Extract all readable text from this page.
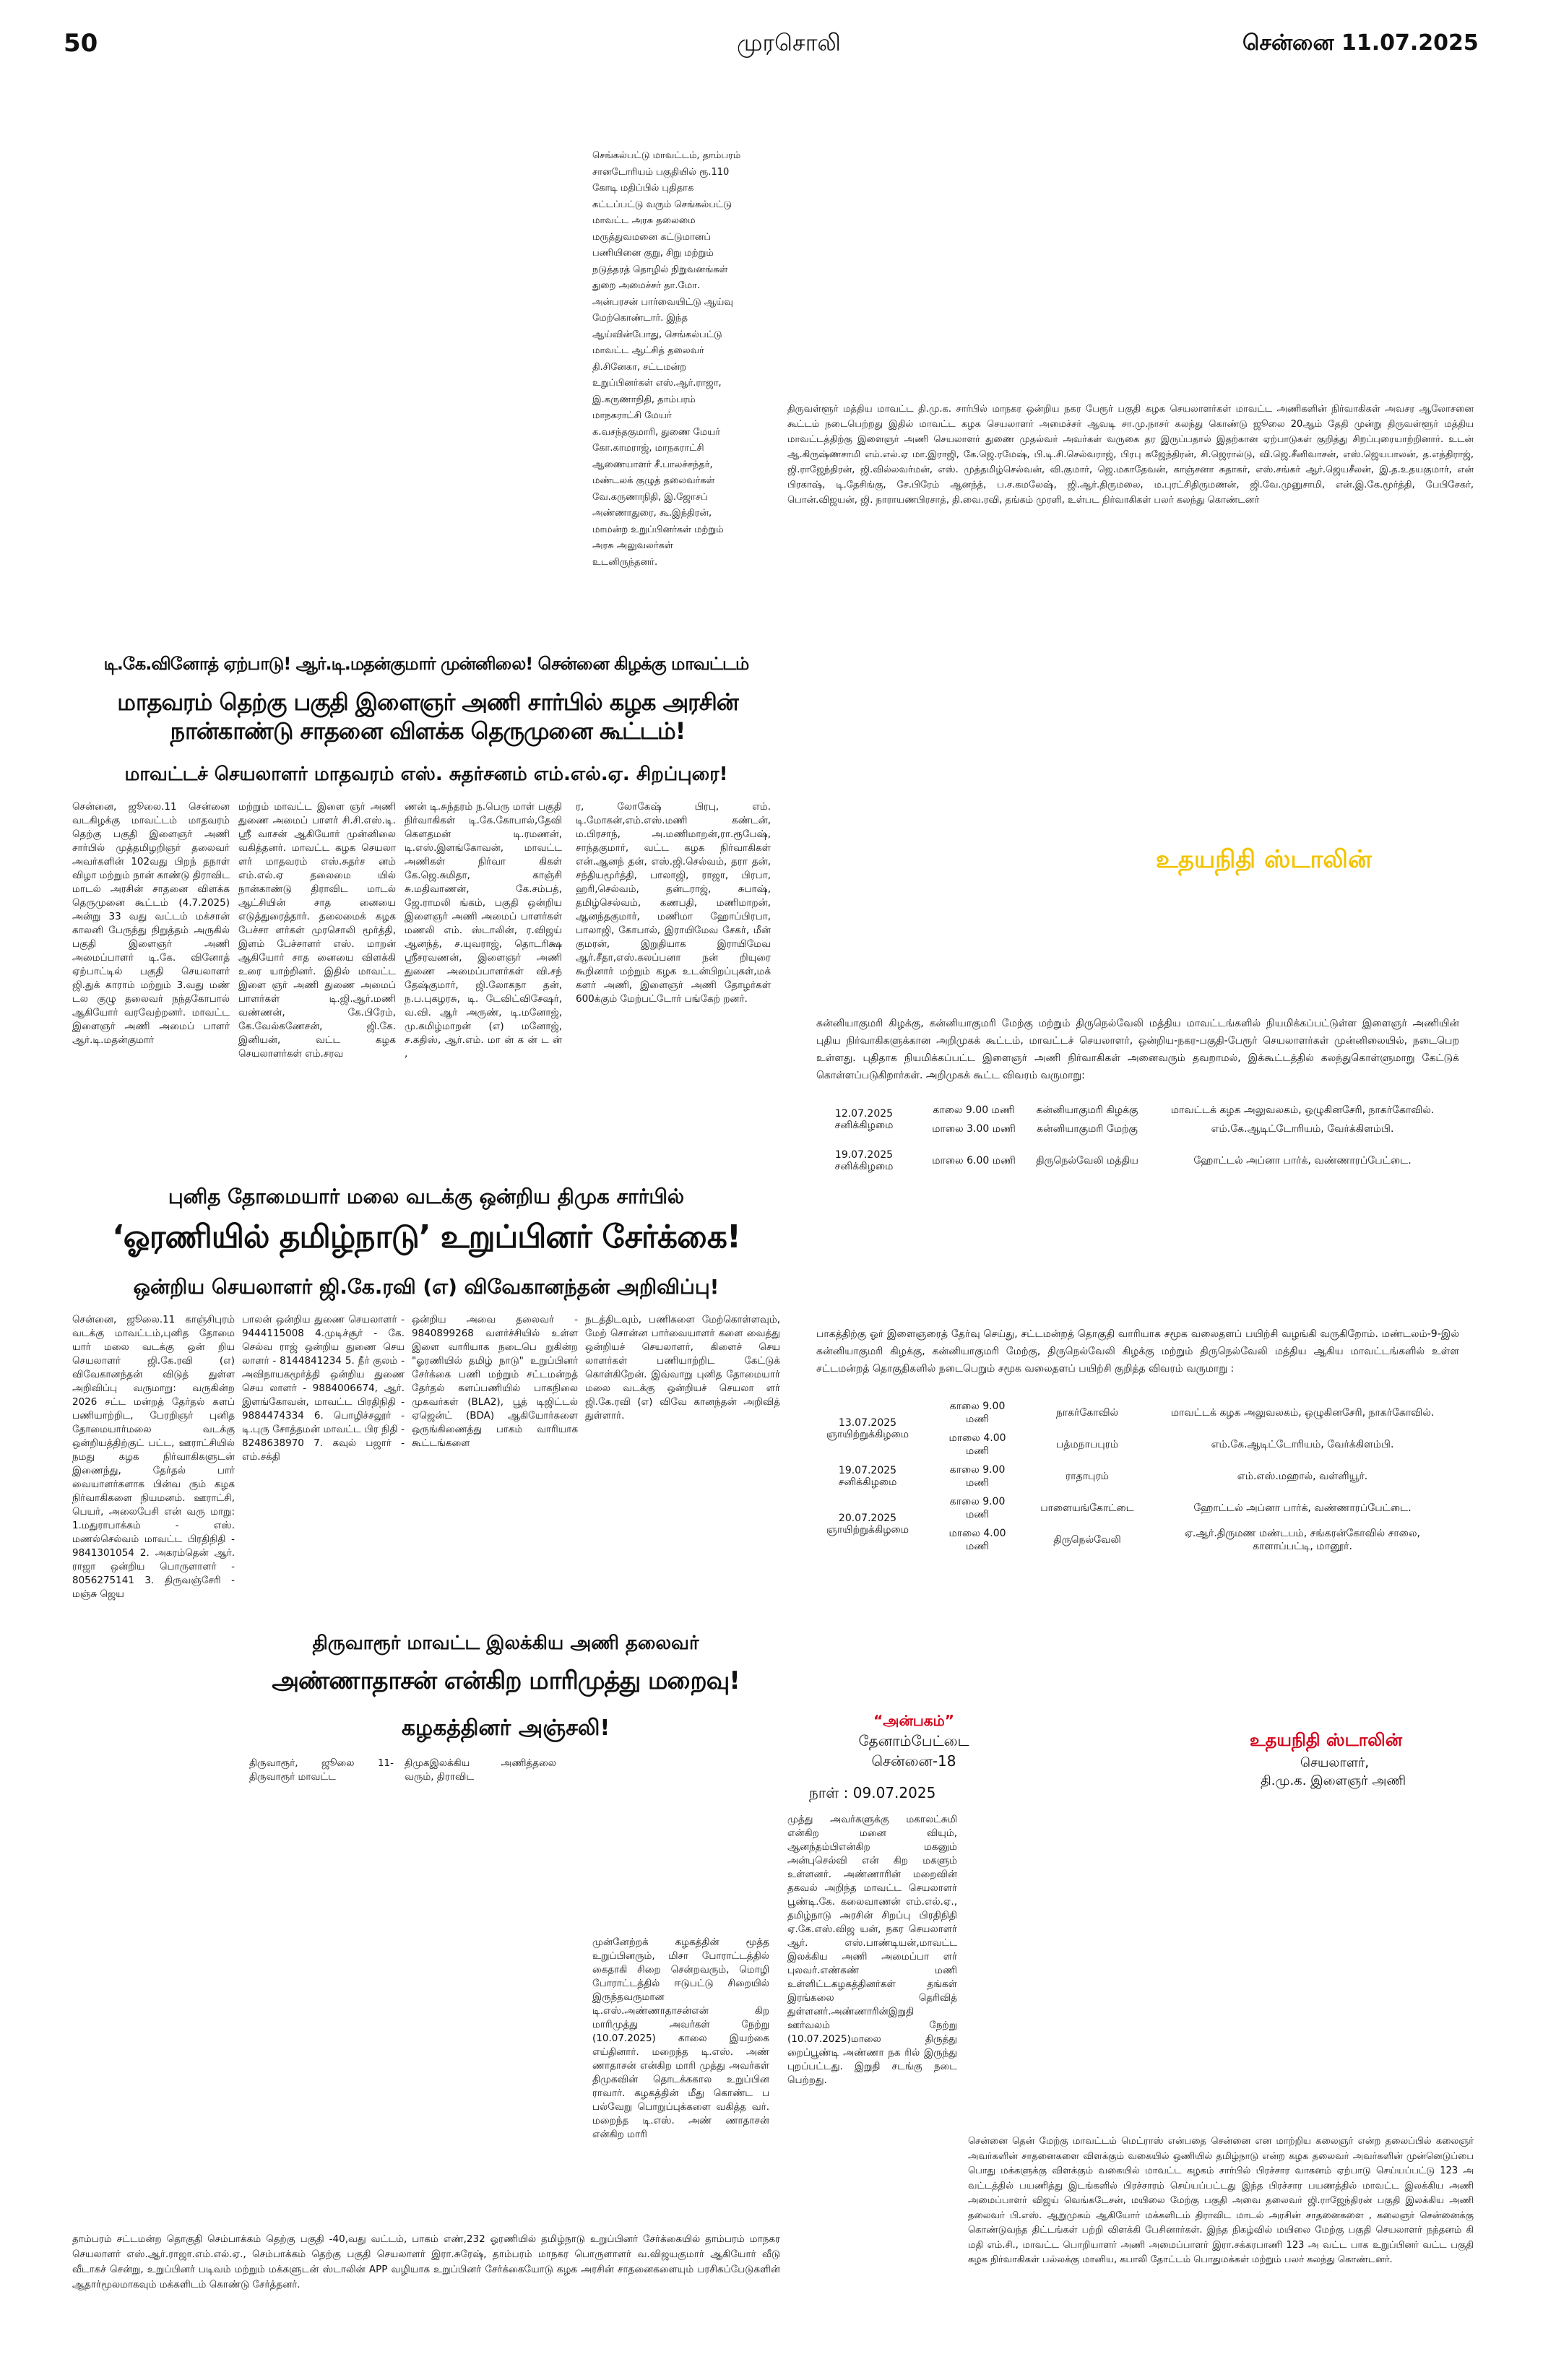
50	முரசொலி	சென்னை 11.07.2025
செங்கல்பட்டு மாவட்டம், தாம்பரம்
சானடோரியம் பகுதியில் ரூ.110
கோடி மதிப்பில் புதிதாக
கட்டப்பட்டு வரும் செங்கல்பட்டு
மாவட்ட அரசு தலைமை
மருத்துவமனை கட்டுமானப்
பணியினை குறு, சிறு மற்றும்
நடுத்தரத் தொழில் நிறுவனங்கள்
துறை அமைச்சர் தா.மோ.
அன்பரசன் பார்வையிட்டு ஆய்வு
மேற்கொண்டார். இந்த
ஆய்வின்போது, செங்கல்பட்டு
மாவட்ட ஆட்சித் தலைவர்
தி.சினேகா, சட்டமன்ற
உறுப்பினர்கள் எஸ்.ஆர்.ராஜா,
இ.கருணாநிதி, தாம்பரம்
மாநகராட்சி மேயர்
க.வசந்தகுமாரி, துணை மேயர்
கோ.காமராஜ், மாநகராட்சி
ஆணையாளர் சீ.பாலச்சந்தர்,
மண்டலக் குழுத் தலைவர்கள்
வே.கருணாநிதி, இ.ஜோசப்
அண்ணாதுரை, கூ.இந்திரன்,
மாமன்ற உறுப்பினர்கள் மற்றும்
அரசு அலுவலர்கள்
உடனிருந்தனர்.
திருவள்ளூர் மத்திய மாவட்ட தி.மு.க. சார்பில் மாநகர ஒன்றிய நகர பேரூர் பகுதி கழக செயலாளர்கள் மாவட்ட அணிகளின் நிர்வாகிகள் அவசர ஆலோசனை கூட்டம் நடைபெற்றது இதில் மாவட்ட கழக செயலாளர் அமைச்சர் ஆவடி சா.மு.நாசர் கலந்து கொண்டு ஜூலை 20ஆம் தேதி முன்று திருவள்ளூர் மத்திய மாவட்டத்திற்கு இளைஞர் அணி செயலாளர் துணை முதல்வர் அவர்கள் வருகை தர இருப்பதால் இதற்கான ஏற்பாடுகள் குறித்து சிறப்புரையாற்றினார். உடன் ஆ.கிருஷ்ணசாமி எம்.எல்.ஏ மா.இராஜி, கே.ஜெ.ரமேஷ், பி.டி.சி.செல்வராஜ், பிரபு கஜேந்திரன், சி.ஜெரால்டு, வி.ஜெ.சீனிவாசன், எஸ்.ஜெயபாலன், த.எத்திராஜ், ஜி.ராஜேந்திரன், ஜி.வில்லவர்மன், எஸ். முத்தமிழ்செல்வன், வி.குமார், ஜெ.மகாதேவன், காஞ்சனா சுதாகர், எஸ்.சங்கர் ஆர்.ஜெயசீலன், இ.த.உதயகுமார், என் பிரகாஷ், டி.தேசிங்கு, சே.பிரேம் ஆனந்த், ப.ச.கமலேஷ், ஜி.ஆர்.திருமலை, ம.புரட்சிதிருமணன், ஜி.வே.முனுசாமி, என்.இ.கே.மூர்த்தி, பேபிசேகர், பொன்.விஜயன், ஜி. நாராயணபிரசாத், தி.வை.ரவி, தங்கம் முரளி, உள்பட நிர்வாகிகள் பலர் கலந்து கொண்டனர்
டி.கே.வினோத் ஏற்பாடு! ஆர்.டி.மதன்குமார் முன்னிலை! சென்னை கிழக்கு மாவட்டம்
மாதவரம் தெற்கு பகுதி இளைஞர் அணி சார்பில் கழக அரசின் நான்காண்டு சாதனை விளக்க தெருமுனை கூட்டம்!
மாவட்டச் செயலாளர் மாதவரம் எஸ். சுதர்சனம் எம்.எல்.ஏ. சிறப்புரை!
சென்னை, ஜூலை.11 சென்னை வடகிழக்கு மாவட்டம் மாதவரம் தெற்கு பகுதி இளைஞர் அணி சார்பில் முத்தமிழறிஞர் தலைவர் அவர்களின் 102வது பிறந் தநாள் விழா மற்றும் நான் காண்டு திராவிட மாடல் அரசின் சாதனை விளக்க தெருமுனை கூட்டம் (4.7.2025) அன்று 33 வது வட்டம் மக்சான் காலனி பேருந்து நிறுத்தம் அருகில் பகுதி இளைஞர் அணி அமைப்பாளர் டி.கே. வினோத் ஏற்பாட்டில் பகுதி செயலாளர் ஜி.துக் காராம் மற்றும் 3.வது மண் டல குழு தலைவர் நந்தகோபால் ஆகியோர் வரவேற்றனர். மாவட்ட இளைஞர் அணி அமைப் பாளர் ஆர்.டி.மதன்குமார்
மற்றும் மாவட்ட இளை ஞர் அணி துணை அமைப் பாளர் சி.சி.எஸ்.டி. ஸ்ரீ வாசன் ஆகியோர் முன்னிலை வகித்தனர். மாவட்ட கழக செயலா ளர் மாதவரம் எஸ்.சுதர்ச னம் எம்.எல்.ஏ தலைமை யில் நான்காண்டு திராவிட மாடல் ஆட்சியின் சாத னையை எடுத்துரைத்தார். தலைமைக் கழக பேச்சா ளர்கள் முரசொலி மூர்த்தி, இளம் பேச்சாளர் எஸ். மாறன் ஆகியோர் சாத னையை விளக்கி உரை யாற்றினர். இதில் மாவட்ட இளை ஞர் அணி துணை அமைப் பாளர்கள் டி.ஜி.ஆர்.மணி வண்ணன், கே.பிரேம், கே.வேல்கணேசன், ஜி.கே. இனியன், வட்ட கழக செயலாளர்கள் எம்.சரவ
ணன் டி.சுந்தரம் ந.பெரு மாள் பகுதி நிர்வாகிகள் டி.கே.கோபால்,தேவி கௌதமன் டி.ரமணன், டி.எஸ்.இளங்கோவன், மாவட்ட அணிகள் நிர்வா கிகள் கே.ஜெ.சுமிதா, காஞ்சி சு.மதிவாணன், கே.சம்பத், ஜே.ராமலி ங்கம், பகுதி ஒன்றிய இளைஞர் அணி அமைப் பாளர்கள் மணலி எம். ஸ்டாலின், ர.விஜய் ஆனந்த், ச.யுவராஜ், தொடரிக்ஷ ஸ்ரீசரவணன், இளைஞர் அணி துணை அமைப்பாளர்கள் வி.சந் தேஷ்குமார், ஜி.லோகநா தன், ந.ப.புகழரசு, டி. டேவிட்விசேஷர், வ.வி. ஆர் அருண், டி.மனோஜ், மு.கமிழ்மாறன் (எ) மனோஜ், ச.கதிஸ், ஆர்.எம். மா ன் க ன் ட ன் ,
ர, லோகேஷ் பிரபு, எம். டி.மோகன்,எம்.எஸ்.மணி கண்டன், ம.பிரசாந், அ.மணிமாறன்,ரா.ரூபேஷ், சாந்தகுமார், வட்ட கழக நிர்வாகிகள் என்.ஆனந் தன், எஸ்.ஜி.செல்வம், தரா தன், சந்தியமூர்த்தி, பாலாஜி, ராஜா, பிரபா, ஹரி,செல்வம், தன்டராஜ், சுபாஷ், தமிழ்செல்வம், கணபதி, மணிமாறன், ஆனந்தகுமார், மணிமா ஹோப்பிரபா, பாலாஜி, கோபால், இராயிமேவ சேகர், மீன் குமரன், இறுதியாக இராயிமேவ ஆர்.சீதா,எஸ்.கலப்பனா நன் றியுரை கூறினார் மற்றும் கழக உடன்பிறப்புகள்,மக் களர் அணி, இளைஞர் அணி தோழர்கள் 600க்கும் மேற்பட்டோர் பங்கேற் றனர்.
உதயநிதி ஸ்டாலின்
கன்னியாகுமரி கிழக்கு, கன்னியாகுமரி மேற்கு மற்றும் திருநெல்வேலி மத்திய மாவட்டங்களில் நியமிக்கப்பட்டுள்ள இளைஞர் அணியின் புதிய நிர்வாகிகளுக்கான அறிமுகக் கூட்டம், மாவட்டச் செயலாளர், ஒன்றிய-நகர-பகுதி-பேரூர் செயலாளர்கள் முன்னிலையில், நடைபெற உள்ளது. புதிதாக நியமிக்கப்பட்ட இளைஞர் அணி நிர்வாகிகள் அனைவரும் தவறாமல், இக்கூட்டத்தில் கலந்துகொள்ளுமாறு கேட்டுக் கொள்ளப்படுகிறார்கள். அறிமுகக் கூட்ட விவரம் வருமாறு:
12.07.2025
சனிக்கிழமை	காலை 9.00 மணி	கன்னியாகுமரி கிழக்கு	மாவட்டக் கழக அலுவலகம், ஒழுகினசேரி, நாகர்கோவில்.
	மாலை 3.00 மணி	கன்னியாகுமரி மேற்கு	எம்.கே.ஆடிட்டோரியம், வேர்க்கிளம்பி.

19.07.2025
சனிக்கிழமை	மாலை 6.00 மணி	திருநெல்வேலி மத்திய	ஹோட்டல் அப்னா பார்க், வண்ணாரப்பேட்டை.
புனித தோமையார் மலை வடக்கு ஒன்றிய திமுக சார்பில்
‘ஓரணியில் தமிழ்நாடு’ உறுப்பினர் சேர்க்கை!
ஒன்றிய செயலாளர் ஜி.கே.ரவி (எ) விவேகானந்தன் அறிவிப்பு!
சென்னை, ஜூலை.11 காஞ்சிபுரம் வடக்கு மாவட்டம்,புனித தோமை யார் மலை வடக்கு ஒன் றிய செயலாளர் ஜி.கே.ரவி (எ) விவேகானந்தன் விடுத் துள்ள அறிவிப்பு வருமாறு: வருகின்ற 2026 சட்ட மன்றத் தேர்தல் களப் பணியாற்றிட, பேரறிஞர் புனித தோமையார்மலை வடக்கு ஒன்றியத்திற்குட் பட்ட, ஊராட்சியில் நமது கழக நிர்வாகிகளுடன் இணைந்து, தேர்தல் பார் வையாளர்களாக பின்வ ரும் கழக நிர்வாகிகளை நியமனம். ஊராட்சி, பெயர், அலைபேசி என் வரு மாறு: 1.மதுராபாக்கம் - எஸ். மணல்செல்வம் மாவட்ட பிரதிநிதி - 9841301054 2. அகரம்தென் ஆர். ராஜா ஒன்றிய பொருளாளர் - 8056275141 3. திருவஞ்சேரி - மஞ்சு ஜெய
பாலன் ஒன்றிய துணை செயலாளர் - 9444115008 4.முடிச்சூர் - கே. செல்வ ராஜ் ஒன்றிய துணை செய லாளர் - 8144841234 5. நீர் குலம் - அவிநாயகமூர்த்தி ஒன்றிய துணை செய லாளர் - 9884006674, ஆர். இளங்கோவன், மாவட்ட பிரதிநிதி - 9884474334 6. பொழிச்சலூர் - டி.புரு சோத்தமன் மாவட்ட பிர நிதி - 8248638970 7. கவுல் பஜார் - எம்.சக்தி
ஒன்றிய அவை தலைவர் - 9840899268 வளர்ச்சியில் உள்ள இளை வாரியாக நடைபெ றுகின்ற "ஓரணியில் தமிழ் நாடு" உறுப்பினர் சேர்க்கை பணி மற்றும் சட்டமன்றத் தேர்தல் களப்பணியில் பாகநிலை முகவர்கள் (BLA2), பூத் டிஜிட்டல் ஏஜென்ட் (BDA) ஆகியோர்களை ஒருங்கிணைத்து பாகம் வாரியாக கூட்டங்களை
நடத்திடவும், பணிகளை மேற்கொள்ளவும், மேற் சொன்ன பார்வையாளர் களை வைத்து ஒன்றியச் செயலாளர், கிளைச் செய லாளர்கள் பணியாற்றிட கேட்டுக் கொள்கிறேன். இவ்வாறு புனித தோமையார் மலை வடக்கு ஒன்றியச் செயலா ளர் ஜி.கே.ரவி (எ) விவே கானந்தன் அறிவித் துள்ளார்.
பாகத்திற்கு ஓர் இளைஞரைத் தேர்வு செய்து, சட்டமன்றத் தொகுதி வாரியாக சமூக வலைதளப் பயிற்சி வழங்கி வருகிறோம். மண்டலம்-9-இல் கன்னியாகுமரி கிழக்கு, கன்னியாகுமரி மேற்கு, திருநெல்வேலி கிழக்கு மற்றும் திருநெல்வேலி மத்திய ஆகிய மாவட்டங்களில் உள்ள சட்டமன்றத் தொகுதிகளில் நடைபெறும் சமூக வலைதளப் பயிற்சி குறித்த விவரம் வருமாறு :
13.07.2025
ஞாயிற்றுக்கிழமை	காலை 9.00 மணி	நாகர்கோவில்	மாவட்டக் கழக அலுவலகம், ஒழுகினசேரி, நாகர்கோவில்.
	மாலை 4.00 மணி	பத்மநாபபுரம்	எம்.கே.ஆடிட்டோரியம், வேர்க்கிளம்பி.

19.07.2025
சனிக்கிழமை	காலை 9.00 மணி	ராதாபுரம்	எம்.எஸ்.மஹால், வள்ளியூர்.

20.07.2025
ஞாயிற்றுக்கிழமை	காலை 9.00 மணி	பாளையங்கோட்டை	ஹோட்டல் அப்னா பார்க், வண்ணாரப்பேட்டை.
	மாலை 4.00 மணி	திருநெல்வேலி	ஏ.ஆர்.திருமண மண்டபம், சங்கரன்கோவில் சாலை, காளாப்பட்டி, மானூர்.
“அன்பகம்”
தேனாம்பேட்டை
சென்னை-18
நாள் : 09.07.2025
உதயநிதி ஸ்டாலின்
செயலாளர்,
தி.மு.க. இளைஞர் அணி
திருவாரூர் மாவட்ட இலக்கிய அணி தலைவர்
அண்ணாதாசன் என்கிற மாரிமுத்து மறைவு!
கழகத்தினர் அஞ்சலி!
திருவாரூர், ஜூலை 11- திருவாரூர் மாவட்ட
திமுகஇலக்கிய அணித்தலை வரும், திராவிட
முன்னேற்றக் கழகத்தின் மூத்த உறுப்பினரும், மிசா போராட்டத்தில் கைதாகி சிறை சென்றவரும், மொழி போராட்டத்தில் ஈடுபட்டு சிறையில் இருந்தவருமான டி.எஸ்.அண்ணாதாசன்என் கிற மாரிமுத்து அவர்கள் நேற்று (10.07.2025) காலை இயற்கை எய்தினார். மறைந்த டி.எஸ். அண் ணாதாசன் என்கிற மாரி முத்து அவர்கள் திமுகவின் தொடக்ககால உறுப்பின ராவார். கழகத்தின் மீது கொண்ட ப பல்வேறு பொறுப்புக்களை வகித்த வர். மறைந்த டி.எஸ். அண் ணாதாசன் என்கிற மாரி
முத்து அவர்களுக்கு மகாலட்சுமி என்கிற மனை வியும், ஆனந்தம்பிஎன்கிற மகனும் அன்புசெல்வி என் கிற மகளும் உள்ளனர். அண்ணாரின் மறைவின் தகவல் அறிந்த மாவட்ட செயலாளர் பூண்டி.கே. கலைவாணன் எம்.எல்.ஏ., தமிழ்நாடு அரசின் சிறப்பு பிரதிநிதி ஏ.கே.எஸ்.விஜ யன், நகர செயலாளர் ஆர். எஸ்.பாண்டியன்,மாவட்ட இலக்கிய அணி அமைப்பா ளர் புலவர்.எண்கண் மணி உள்ளிட்டகழகத்தினர்கள் தங்கள் இரங்கலை தெரிவித் துள்ளனர்.அண்ணாரின்இறுதி ஊர்வலம் நேற்று (10.07.2025)மாலை திருத்து றைப்பூண்டி அண்ணா நக ரில் இருந்து புறப்பட்டது. இறுதி சடங்கு நடை பெற்றது.
தாம்பரம் சட்டமன்ற தொகுதி செம்பாக்கம் தெற்கு பகுதி -40,வது வட்டம், பாகம் எண்,232 ஓரணியில் தமிழ்நாடு உறுப்பினர் சேர்க்கையில் தாம்பரம் மாநகர செயலாளர் எஸ்.ஆர்.ராஜா.எம்.எல்.ஏ., செம்பாக்கம் தெற்கு பகுதி செயலாளர் இரா.சுரேஷ், தாம்பரம் மாநகர பொருளாளர் வ.விஜயகுமார் ஆகியோர் வீடு வீடாகச் சென்று, உறுப்பினர் படிவம் மற்றும் மக்களுடன் ஸ்டாலின் APP வழியாக உறுப்பினர் சேர்க்கையோடு கழக அரசின் சாதனைகளையும் பரசிகப்பேடுகளின் ஆதார்மூலமாகவும் மக்களிடம் கொண்டு சேர்த்தனர்.
சென்னை தென் மேற்கு மாவட்டம் மெட்ராஸ் என்பதை சென்னை என மாற்றிய கலைஞர் என்ற தலைப்பில் கலைஞர் அவர்களின் சாதனைகளை விளக்கும் வகையில் ஒணியில் தமிழ்நாடு என்ற கழக தலைவர் அவர்களின் முன்னெடுப்பை பொது மக்களுக்கு விளக்கும் வகையில் மாவட்ட கழகம் சார்பில் பிரச்சார வாகனம் ஏற்பாடு செய்யப்பட்டு 123 அ வட்டத்தில் பயணித்து இடங்களில் பிரச்சாரம் செய்யப்பட்டது இந்த பிரச்சார பயணத்தில் மாவட்ட இலக்கிய அணி அமைப்பாளர் விஜய் வெங்கடேசன், மயிலை மேற்கு பகுதி அவை தலைவர் ஜி.ராஜேந்திரன் பகுதி இலக்கிய அணி தலைவர் பி.எஸ். ஆறுமுகம் ஆகியோர் மக்களிடம் திராவிட மாடல் அரசின் சாதனைகளை , கலைஞர் சென்னைக்கு கொண்டுவந்த திட்டங்கள் பற்றி விளக்கி பேசினார்கள். இந்த நிகழ்வில் மயிலை மேற்கு பகுதி செயலாளர் நந்தனம் கி மதி எம்.சி., மாவட்ட பொறியாளர் அணி அமைப்பாளர் இரா.சக்கரபாணி 123 அ வட்ட பாக உறுப்பினர் வட்ட பகுதி கழக நிர்வாகிகள் பல்லக்கு மானிய, கபாலி தோட்டம் பொதுமக்கள் மற்றும் பலர் கலந்து கொண்டனர்.
